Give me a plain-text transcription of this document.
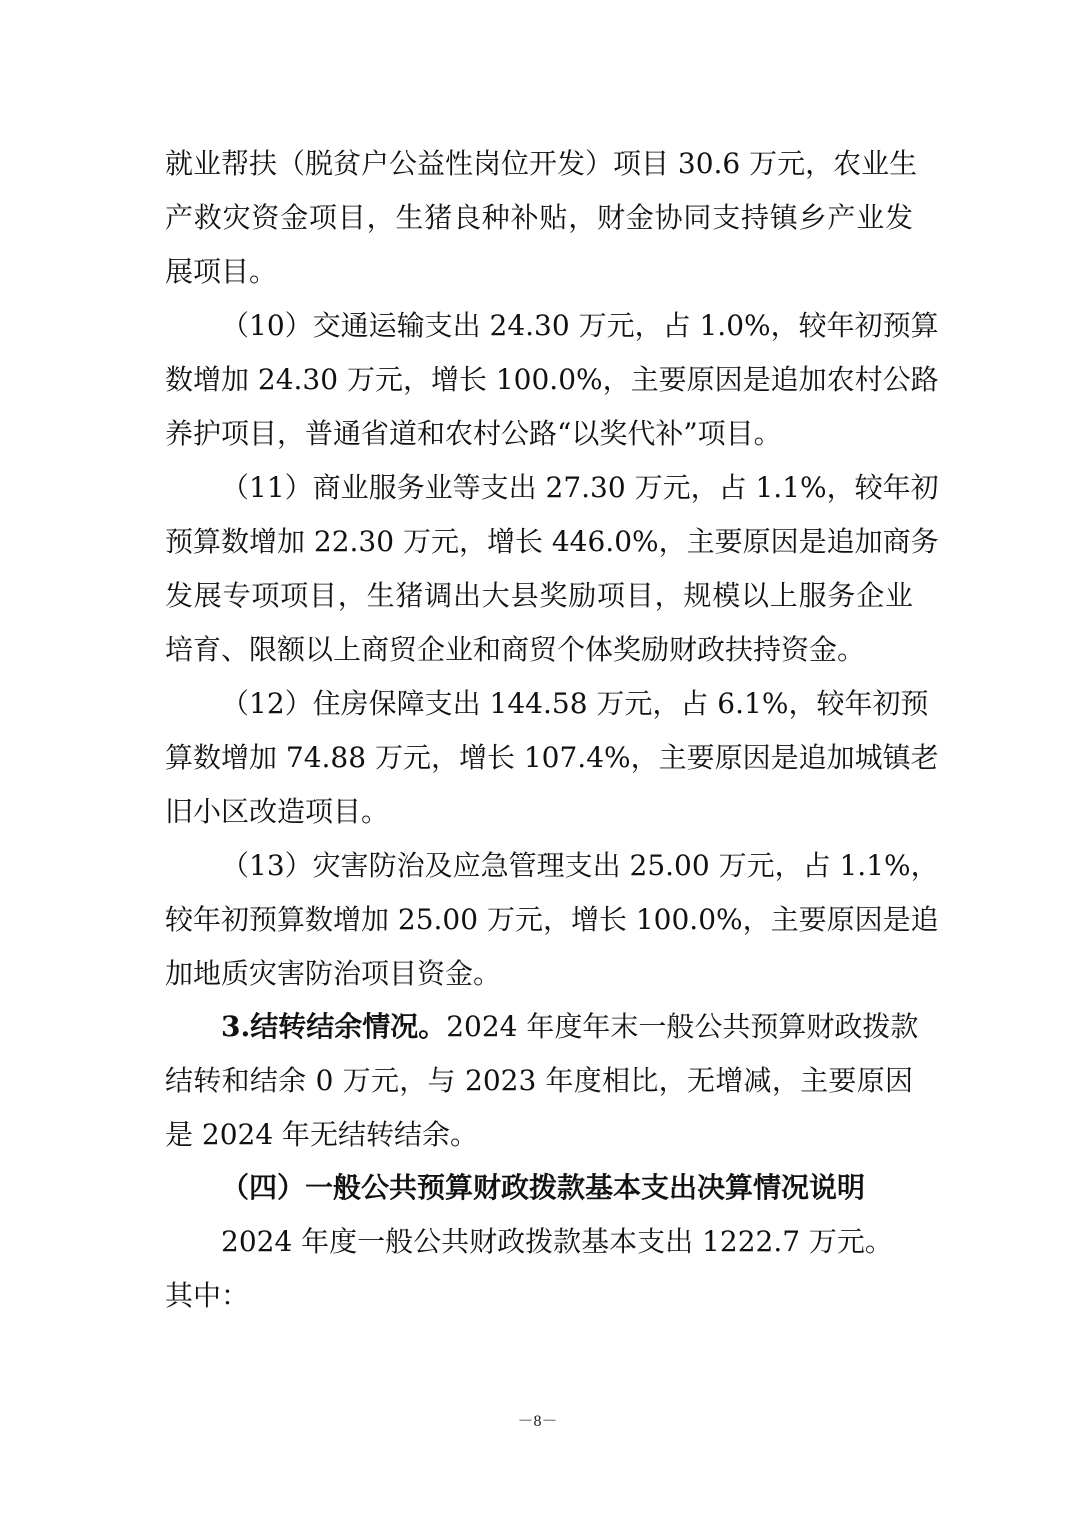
就业帮扶（脱贫户公益性岗位开发）项目 30.6 万元，农业生
产救灾资金项目，生猪良种补贴，财金协同支持镇乡产业发
展项目。
（10）交通运输支出 24.30 万元，占 1.0%，较年初预算
数增加 24.30 万元，增长 100.0%，主要原因是追加农村公路
养护项目，普通省道和农村公路“以奖代补”项目。
（11）商业服务业等支出 27.30 万元，占 1.1%，较年初
预算数增加 22.30 万元，增长 446.0%，主要原因是追加商务
发展专项项目，生猪调出大县奖励项目，规模以上服务企业
培育、限额以上商贸企业和商贸个体奖励财政扶持资金。
（12）住房保障支出 144.58 万元，占 6.1%，较年初预
算数增加 74.88 万元，增长 107.4%，主要原因是追加城镇老
旧小区改造项目。
（13）灾害防治及应急管理支出 25.00 万元，占 1.1%，
较年初预算数增加 25.00 万元，增长 100.0%，主要原因是追
加地质灾害防治项目资金。
3.结转结余情况。2024 年度年末一般公共预算财政拨款
结转和结余 0 万元，与 2023 年度相比，无增减，主要原因
是 2024 年无结转结余。
（四）一般公共预算财政拨款基本支出决算情况说明
2024 年度一般公共财政拨款基本支出 1222.7 万元。
其中：
－8－
